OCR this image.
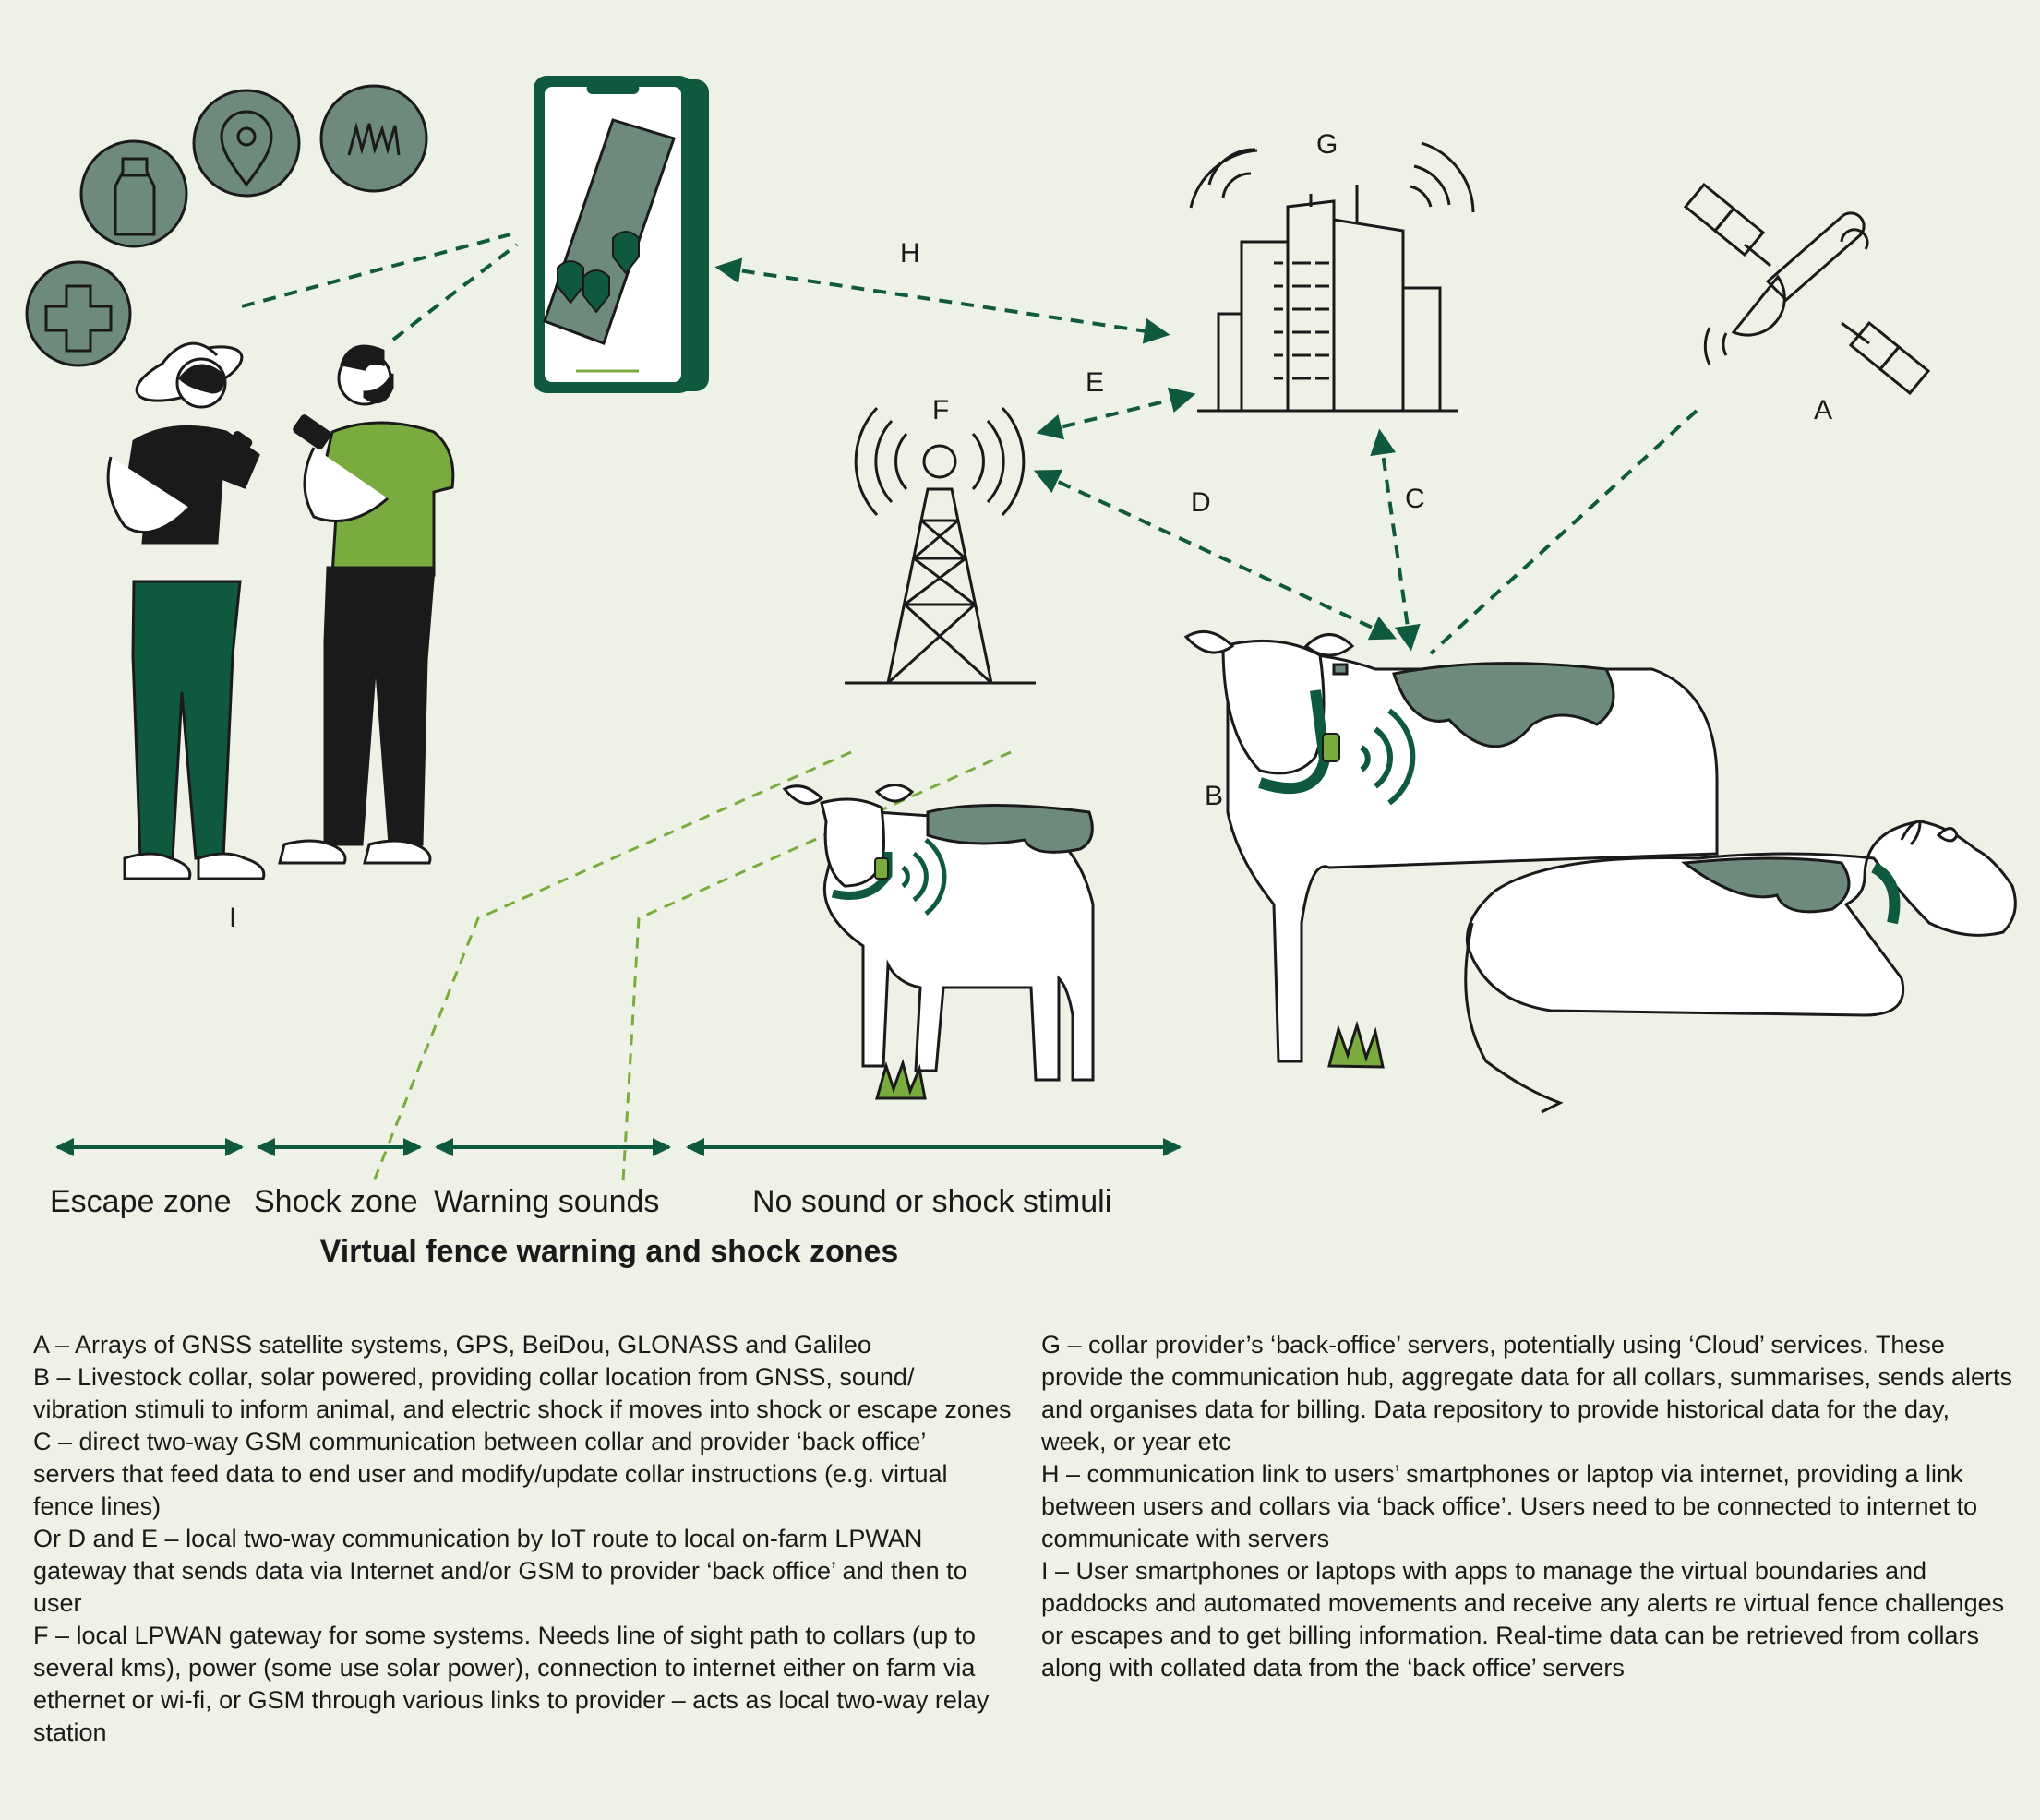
G
H
E
F	A
D	C
B
I
Escape zone Shock zone Warning sounds	No sound or shock stimuli
Virtual fence warning and shock zones

A – Arrays of GNSS satellite systems, GPS, BeiDou, GLONASS and Galileo

B – Livestock collar, solar powered, providing collar location from GNSS, sound/ vibration stimuli to inform animal, and electric shock if moves into shock or escape zones

C – direct two-way GSM communication between collar and provider ‘back office’ servers that feed data to end user and modify/update collar instructions (e.g. virtual fence lines)

Or D and E – local two-way communication by IoT route to local on-farm LPWAN gateway that sends data via Internet and/or GSM to provider ‘back office’ and then to user

F – local LPWAN gateway for some systems. Needs line of sight path to collars (up to several kms), power (some use solar power), connection to internet either on farm via ethernet or wi-fi, or GSM through various links to provider – acts as local two-way relay station

G – collar provider’s ‘back-office’ servers, potentially using ‘Cloud’ services. These provide the communication hub, aggregate data for all collars, summarises, sends alerts and organises data for billing. Data repository to provide historical data for the day, week, or year etc

H – communication link to users’ smartphones or laptop via internet, providing a link between users and collars via ‘back office’. Users need to be connected to internet to communicate with servers

I – User smartphones or laptops with apps to manage the virtual boundaries and paddocks and automated movements and receive any alerts re virtual fence challenges or escapes and to get billing information. Real-time data can be retrieved from collars along with collated data from the ‘back office’ servers
